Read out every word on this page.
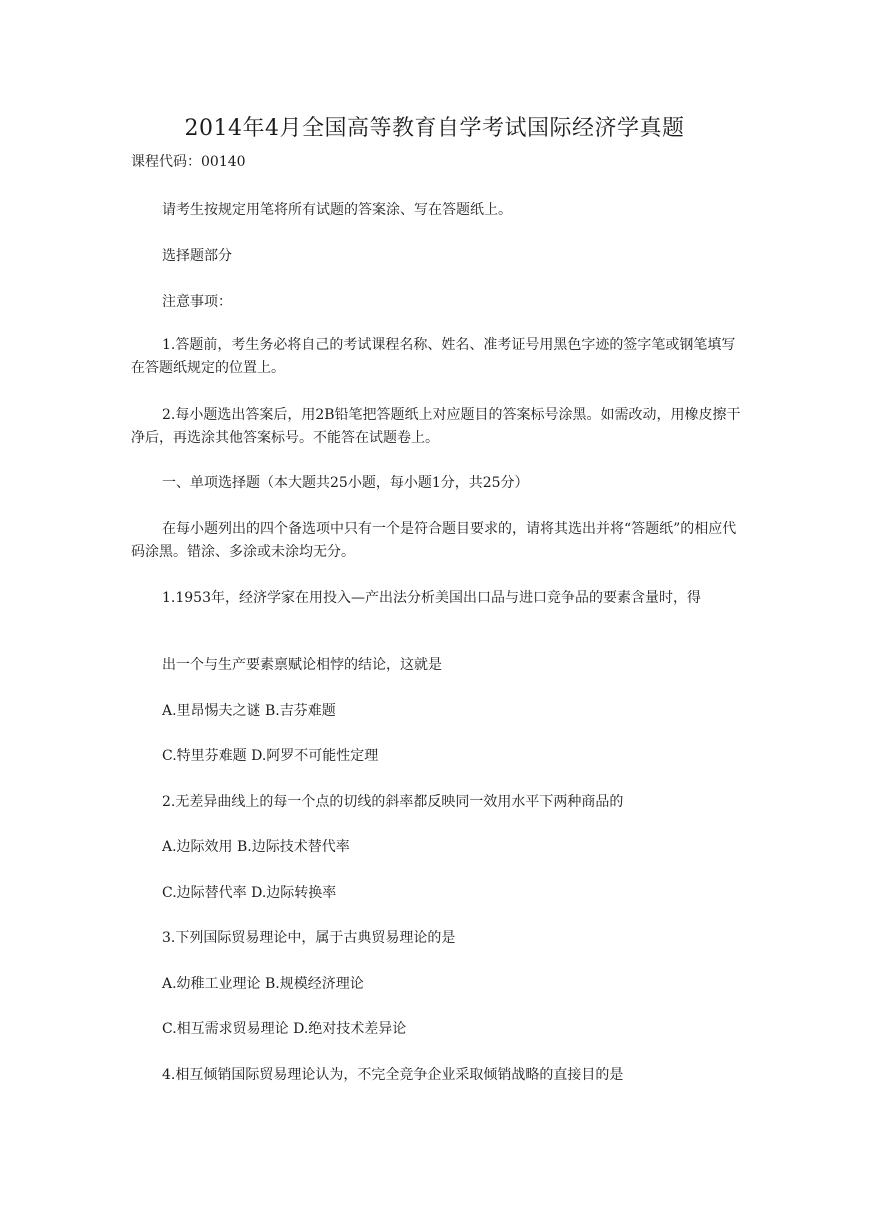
2014年4月全国高等教育自学考试国际经济学真题

课程代码：00140

请考生按规定用笔将所有试题的答案涂、写在答题纸上。

选择题部分

注意事项：

1.答题前，考生务必将自己的考试课程名称、姓名、准考证号用黑色字迹的签字笔或钢笔填写在答题纸规定的位置上。

2.每小题选出答案后，用2B铅笔把答题纸上对应题目的答案标号涂黑。如需改动，用橡皮擦干净后，再选涂其他答案标号。不能答在试题卷上。

一、单项选择题（本大题共25小题，每小题1分，共25分）

在每小题列出的四个备选项中只有一个是符合题目要求的，请将其选出并将“答题纸”的相应代码涂黑。错涂、多涂或未涂均无分。

1.1953年，经济学家在用投入—产出法分析美国出口品与进口竞争品的要素含量时，得

出一个与生产要素禀赋论相悖的结论，这就是

A.里昂惕夫之谜 B.吉芬难题

C.特里芬难题 D.阿罗不可能性定理

2.无差异曲线上的每一个点的切线的斜率都反映同一效用水平下两种商品的

A.边际效用 B.边际技术替代率

C.边际替代率 D.边际转换率

3.下列国际贸易理论中，属于古典贸易理论的是

A.幼稚工业理论 B.规模经济理论

C.相互需求贸易理论 D.绝对技术差异论

4.相互倾销国际贸易理论认为，不完全竞争企业采取倾销战略的直接目的是
